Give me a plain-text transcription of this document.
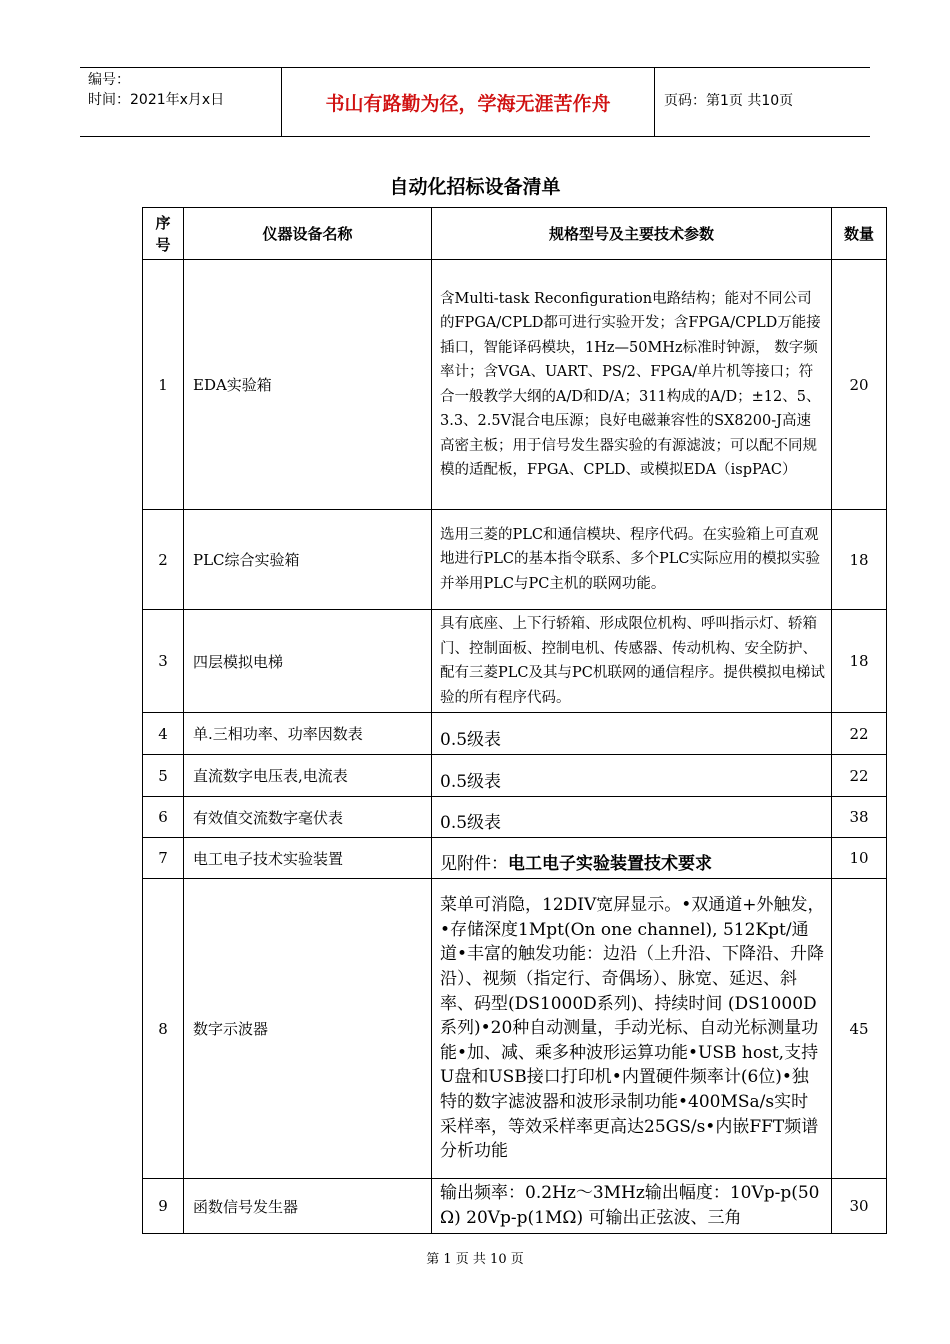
编号：
时间：2021年x月x日	书山有路勤为径，学海无涯苦作舟	页码：第1页 共10页
自动化招标设备清单
序号	仪器设备名称	规格型号及主要技术参数	数量
1	EDA实验箱	含Multi-task Reconfiguration电路结构；能对不同公司的FPGA/CPLD都可进行实验开发；含FPGA/CPLD万能接插口，智能译码模块，1Hz—50MHz标准时钟源， 数字频率计；含VGA、UART、PS/2、FPGA/单片机等接口；符合一般教学大纲的A/D和D/A；311构成的A/D；±12、5、3.3、2.5V混合电压源；良好电磁兼容性的SX8200-J高速高密主板；用于信号发生器实验的有源滤波；可以配不同规模的适配板，FPGA、CPLD、或模拟EDA（ispPAC）	20
2	PLC综合实验箱	选用三菱的PLC和通信模块、程序代码。在实验箱上可直观地进行PLC的基本指令联系、多个PLC实际应用的模拟实验并举用PLC与PC主机的联网功能。	18
3	四层模拟电梯	具有底座、上下行轿箱、形成限位机构、呼叫指示灯、轿箱门、控制面板、控制电机、传感器、传动机构、安全防护、配有三菱PLC及其与PC机联网的通信程序。提供模拟电梯试验的所有程序代码。	18
4	单.三相功率、功率因数表	0.5级表	22
5	直流数字电压表,电流表	0.5级表	22
6	有效值交流数字毫伏表	0.5级表	38
7	电工电子技术实验装置	见附件：电工电子实验装置技术要求	10
8	数字示波器	菜单可消隐，12DIV宽屏显示。•双通道+外触发，•存储深度1Mpt(On one channel), 512Kpt/通道•丰富的触发功能：边沿（上升沿、下降沿、升降沿）、视频（指定行、奇偶场）、脉宽、延迟、斜率、码型(DS1000D系列)、持续时间 (DS1000D系列)•20种自动测量，手动光标、自动光标测量功能•加、减、乘多种波形运算功能•USB host,支持U盘和USB接口打印机•内置硬件频率计(6位)•独特的数字滤波器和波形录制功能•400MSa/s实时采样率，等效采样率更高达25GS/s•内嵌FFT频谱分析功能	45
9	函数信号发生器	输出频率：0.2Hz～3MHz输出幅度：10Vp-p(50Ω) 20Vp-p(1MΩ) 可输出正弦波、三角	30
第 1 页 共 10 页
